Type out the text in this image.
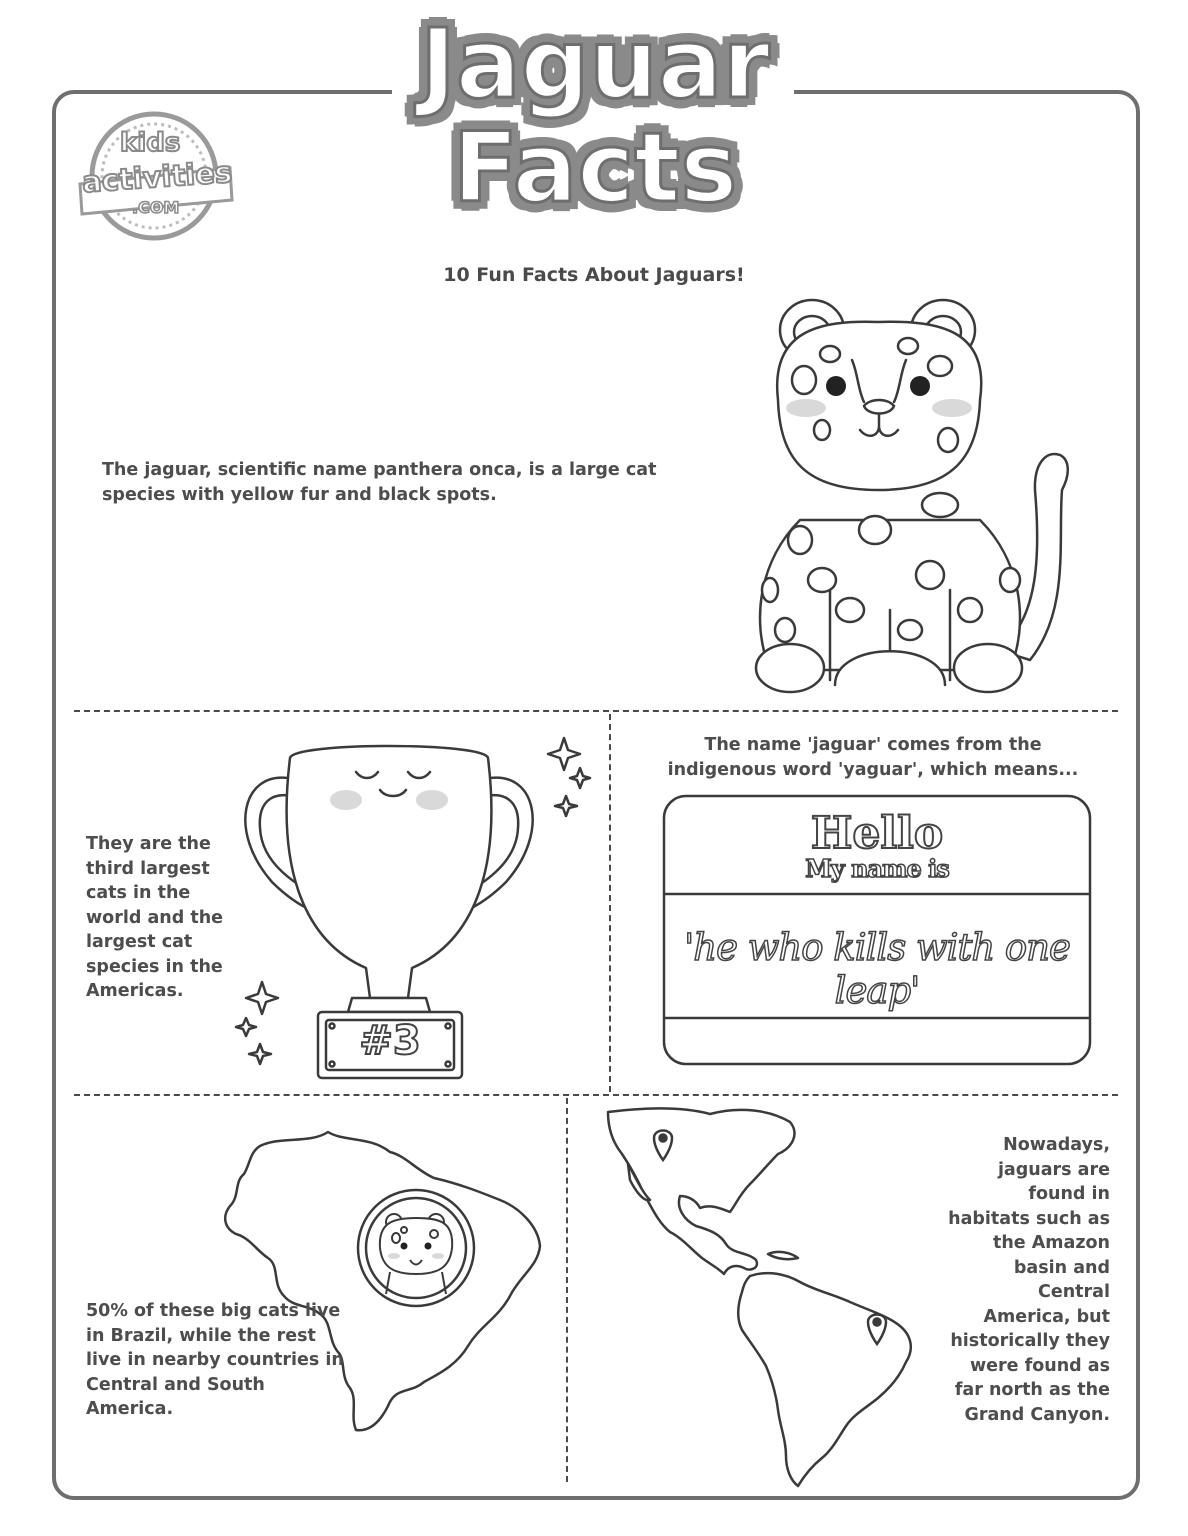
Jaguar
Facts
kids
activities
.COM
10 Fun Facts About Jaguars!
The jaguar, scientific name panthera onca, is a large cat species with yellow fur and black spots.
They are the third largest cats in the world and the largest cat species in the Americas.
#3
The name 'jaguar' comes from the indigenous word 'yaguar', which means...
Hello
My name is
'he who kills with one leap'
50% of these big cats live in Brazil, while the rest live in nearby countries in Central and South America.
Nowadays, jaguars are found in habitats such as the Amazon basin and Central America, but historically they were found as far north as the Grand Canyon.
